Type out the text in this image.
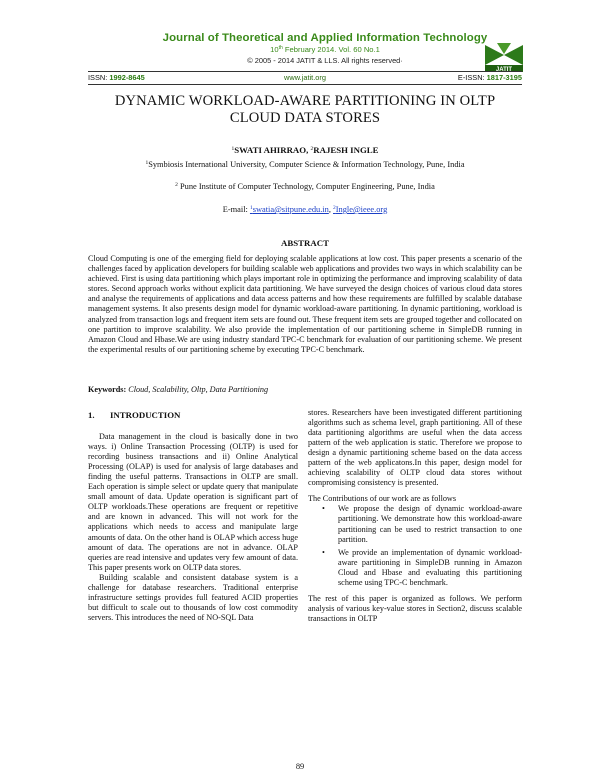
Journal of Theoretical and Applied Information Technology
10th February 2014. Vol. 60 No.1
© 2005 - 2014 JATIT & LLS. All rights reserved·
JATIT
ISSN: 1992-8645	www.jatit.org	E-ISSN: 1817-3195
DYNAMIC WORKLOAD-AWARE PARTITIONING IN OLTP
CLOUD DATA STORES
$^1$SWATI AHIRRAO, $^2$RAJESH INGLE
$^1$Symbiosis International University, Computer Science & Information Technology, Pune, India
$^2$ Pune Institute of Computer Technology, Computer Engineering, Pune, India
E-mail: $^1$swatia@sitpune.edu.in, $^2$Ingle@ieee.org
ABSTRACT
Cloud Computing is one of the emerging field for deploying scalable applications at low cost. This paper presents a scenario of the challenges faced by application developers for building scalable web applications and provides two ways in which scalability can be achieved. First is using data partitioning which plays important role in optimizing the performance and improving scalability of data stores. Second approach works without explicit data partitioning. We have surveyed the design choices of various cloud data stores and analyse the requirements of applications and data access patterns and how these requirements are fulfilled by scalable database management systems. It also presents design model for dynamic workload-aware partitioning. In dynamic partitioning, workload is analyzed from transaction logs and frequent item sets are found out. These frequent item sets are grouped together and collocated on one partition to improve scalability. We also provide the implementation of our partitioning scheme in SimpleDB running in Amazon Cloud and Hbase.We are using industry standard TPC-C benchmark for evaluation of our partitioning scheme. We present the experimental results of our partitioning scheme by executing TPC-C benchmark.
Keywords: Cloud, Scalability, Oltp, Data Partitioning
1. INTRODUCTION

Data management in the cloud is basically done in two ways. i) Online Transaction Processing (OLTP) is used for recording business transactions and ii) Online Analytical Processing (OLAP) is used for analysis of large databases and finding the useful patterns. Transactions in OLTP are small. Each operation is simple select or update query that manipulate small amount of data. Update operation is significant part of OLTP workloads.These operations are frequent or repetitive and are known in advanced. This will not work for the applications which needs to access and manipulate large amounts of data. On the other hand is OLAP which access huge amount of data. The operations are not in advance. OLAP queries are read intensive and updates very few amount of data. This paper presents work on OLTP data stores.

Building scalable and consistent database system is a challenge for database researchers. Traditional enterprise infrastructure settings provides full featured ACID properties but difficult to scale out to thousands of low cost commodity servers. This introduces the need of NO-SQL Data

stores. Researchers have been investigated different partitioning algorithms such as schema level, graph partitioning. All of these data partitioning algorithms are useful when the data access pattern of the web application is static. Therefore we propose to design a dynamic partitioning scheme based on the data access pattern of the web applicatons.In this paper, design model for achieving scalability of OLTP cloud data stores without compromising consistency is presented.

The Contributions of our work are as follows

• We propose the design of dynamic workload-aware partitioning. We demonstrate how this workload-aware partitioning can be used to restrict transaction to one partition.
• We provide an implementation of dynamic workload-aware partitioning in SimpleDB running in Amazon Cloud and Hbase and evaluating this partitioning scheme using TPC-C benchmark.

The rest of this paper is organized as follows. We perform analysis of various key-value stores in Section2, discuss scalable transactions in OLTP

89
